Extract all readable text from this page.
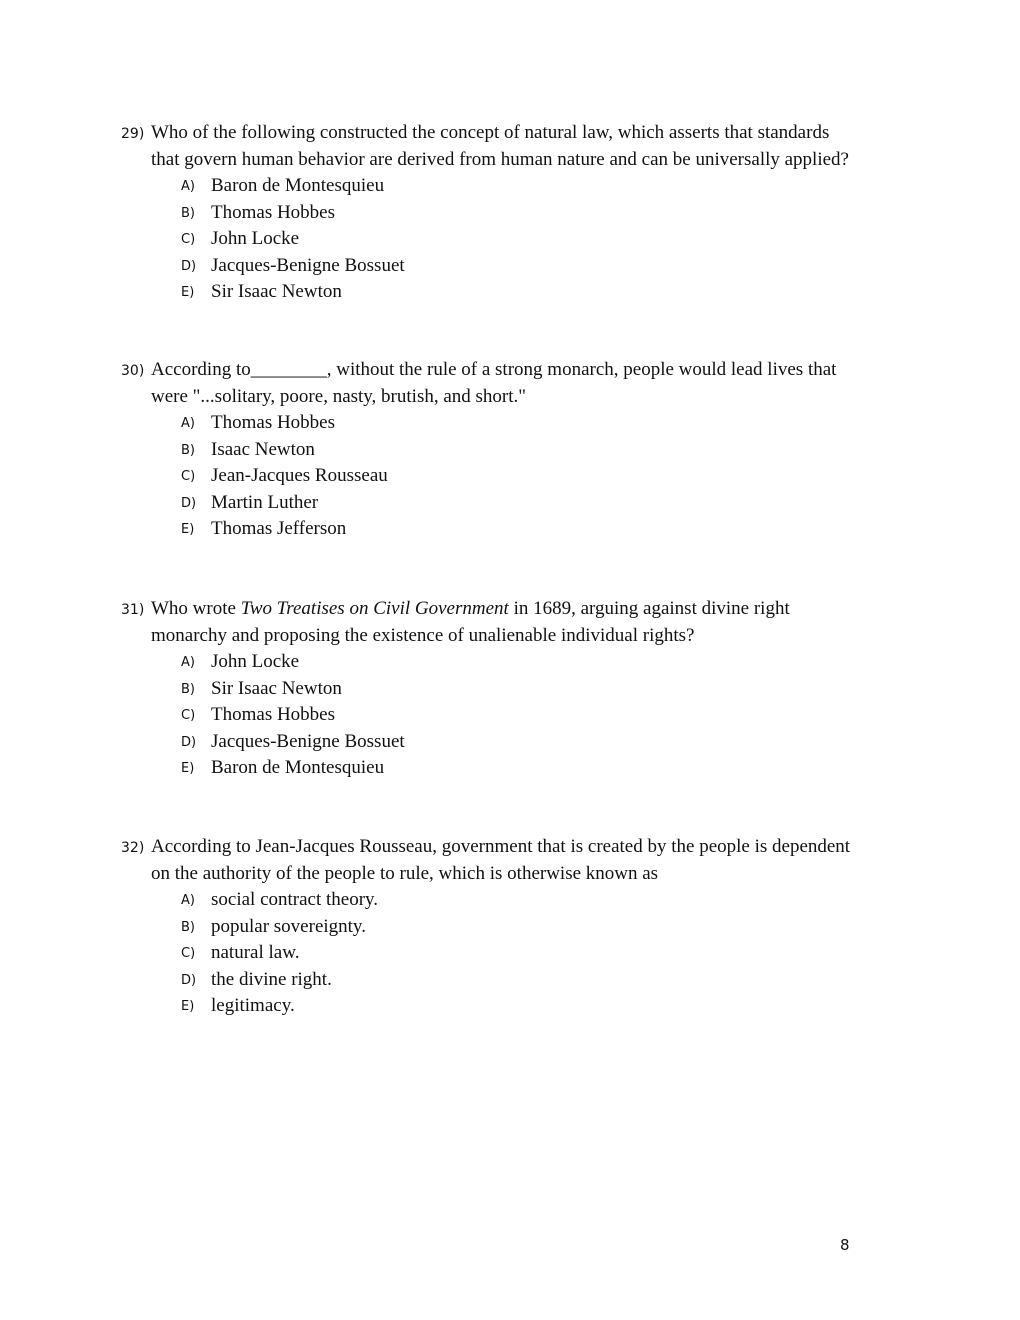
29) Who of the following constructed the concept of natural law, which asserts that standards
that govern human behavior are derived from human nature and can be universally applied?
A) Baron de Montesquieu
B) Thomas Hobbes
C) John Locke
D) Jacques-Benigne Bossuet
E) Sir Isaac Newton
30) According to________, without the rule of a strong monarch, people would lead lives that
were "...solitary, poore, nasty, brutish, and short."
A) Thomas Hobbes
B) Isaac Newton
C) Jean-Jacques Rousseau
D) Martin Luther
E) Thomas Jefferson
31) Who wrote Two Treatises on Civil Government in 1689, arguing against divine right
monarchy and proposing the existence of unalienable individual rights?
A) John Locke
B) Sir Isaac Newton
C) Thomas Hobbes
D) Jacques-Benigne Bossuet
E) Baron de Montesquieu
32) According to Jean-Jacques Rousseau, government that is created by the people is dependent
on the authority of the people to rule, which is otherwise known as
A) social contract theory.
B) popular sovereignty.
C) natural law.
D) the divine right.
E) legitimacy.
8
